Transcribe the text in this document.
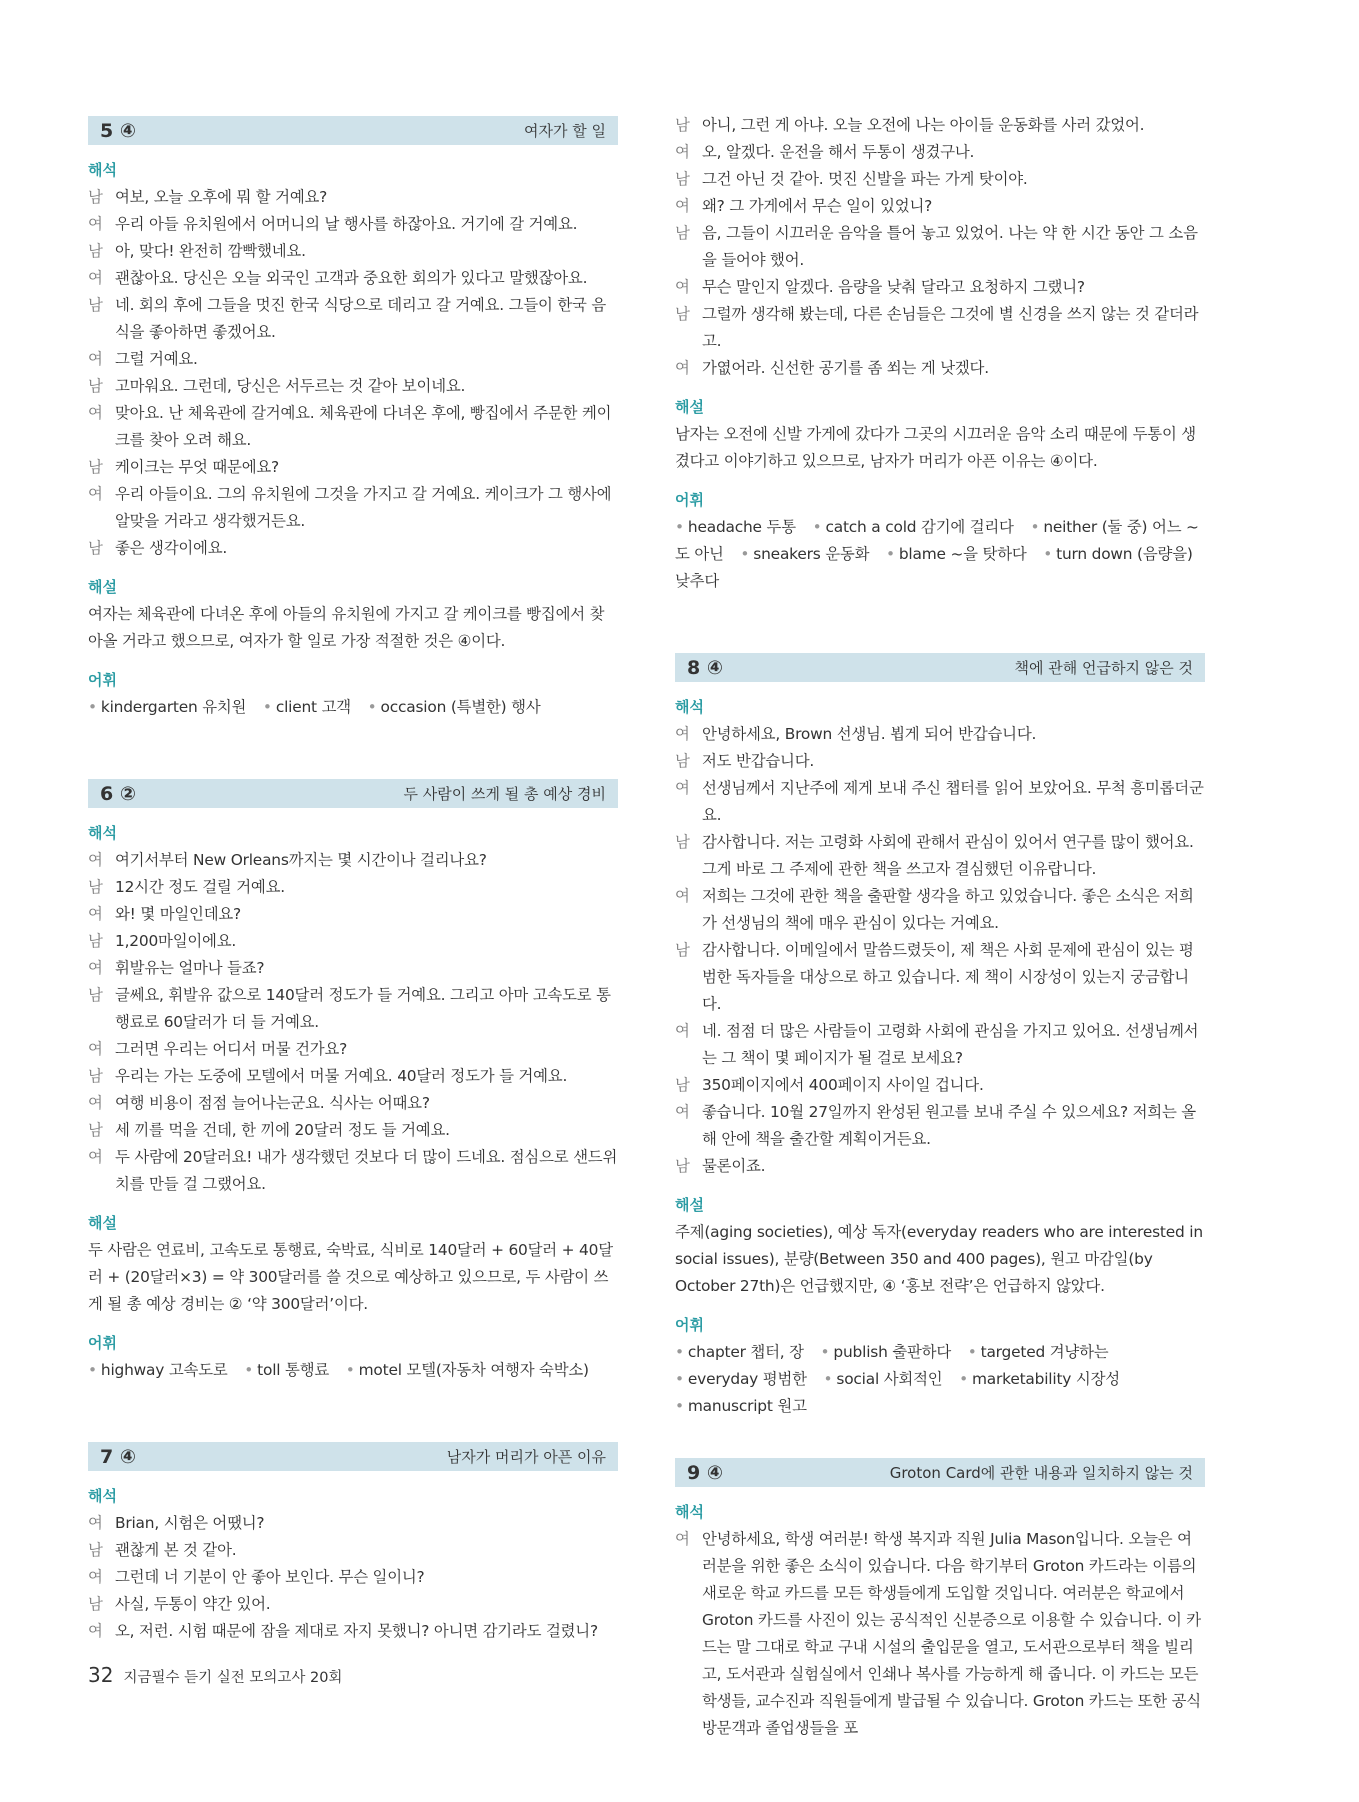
5 ④	여자가 할 일
해석
남 여보, 오늘 오후에 뭐 할 거예요?
여 우리 아들 유치원에서 어머니의 날 행사를 하잖아요. 거기에 갈 거예요.
남 아, 맞다! 완전히 깜빡했네요.
여 괜찮아요. 당신은 오늘 외국인 고객과 중요한 회의가 있다고 말했잖아요.
남 네. 회의 후에 그들을 멋진 한국 식당으로 데리고 갈 거예요. 그들이 한국 음식을 좋아하면 좋겠어요.
여 그럴 거예요.
남 고마워요. 그런데, 당신은 서두르는 것 같아 보이네요.
여 맞아요. 난 체육관에 갈거예요. 체육관에 다녀온 후에, 빵집에서 주문한 케이크를 찾아 오려 해요.
남 케이크는 무엇 때문에요?
여 우리 아들이요. 그의 유치원에 그것을 가지고 갈 거예요. 케이크가 그 행사에 알맞을 거라고 생각했거든요.
남 좋은 생각이에요.
해설
여자는 체육관에 다녀온 후에 아들의 유치원에 가지고 갈 케이크를 빵집에서 찾아올 거라고 했으므로, 여자가 할 일로 가장 적절한 것은 ④이다.
어휘
• kindergarten 유치원 • client 고객 • occasion (특별한) 행사
6 ②	두 사람이 쓰게 될 총 예상 경비
해석
여 여기서부터 New Orleans까지는 몇 시간이나 걸리나요?
남 12시간 정도 걸릴 거예요.
여 와! 몇 마일인데요?
남 1,200마일이에요.
여 휘발유는 얼마나 들죠?
남 글쎄요, 휘발유 값으로 140달러 정도가 들 거예요. 그리고 아마 고속도로 통행료로 60달러가 더 들 거예요.
여 그러면 우리는 어디서 머물 건가요?
남 우리는 가는 도중에 모텔에서 머물 거예요. 40달러 정도가 들 거예요.
여 여행 비용이 점점 늘어나는군요. 식사는 어때요?
남 세 끼를 먹을 건데, 한 끼에 20달러 정도 들 거예요.
여 두 사람에 20달러요! 내가 생각했던 것보다 더 많이 드네요. 점심으로 샌드위치를 만들 걸 그랬어요.
해설
두 사람은 연료비, 고속도로 통행료, 숙박료, 식비로 140달러 + 60달러 + 40달러 + (20달러×3) = 약 300달러를 쓸 것으로 예상하고 있으므로, 두 사람이 쓰게 될 총 예상 경비는 ② ‘약 300달러’이다.
어휘
• highway 고속도로 • toll 통행료 • motel 모텔(자동차 여행자 숙박소)
7 ④	남자가 머리가 아픈 이유
해석
여 Brian, 시험은 어땠니?
남 괜찮게 본 것 같아.
여 그런데 너 기분이 안 좋아 보인다. 무슨 일이니?
남 사실, 두통이 약간 있어.
여 오, 저런. 시험 때문에 잠을 제대로 자지 못했니? 아니면 감기라도 걸렸니?
남 아니, 그런 게 아냐. 오늘 오전에 나는 아이들 운동화를 사러 갔었어.
여 오, 알겠다. 운전을 해서 두통이 생겼구나.
남 그건 아닌 것 같아. 멋진 신발을 파는 가게 탓이야.
여 왜? 그 가게에서 무슨 일이 있었니?
남 음, 그들이 시끄러운 음악을 틀어 놓고 있었어. 나는 약 한 시간 동안 그 소음을 들어야 했어.
여 무슨 말인지 알겠다. 음량을 낮춰 달라고 요청하지 그랬니?
남 그럴까 생각해 봤는데, 다른 손님들은 그것에 별 신경을 쓰지 않는 것 같더라고.
여 가엾어라. 신선한 공기를 좀 쐬는 게 낫겠다.
해설
남자는 오전에 신발 가게에 갔다가 그곳의 시끄러운 음악 소리 때문에 두통이 생겼다고 이야기하고 있으므로, 남자가 머리가 아픈 이유는 ④이다.
어휘
• headache 두통 • catch a cold 감기에 걸리다 • neither (둘 중) 어느 ~도 아닌 • sneakers 운동화 • blame ~을 탓하다 • turn down (음량을) 낮추다
8 ④	책에 관해 언급하지 않은 것
해석
여 안녕하세요, Brown 선생님. 뵙게 되어 반갑습니다.
남 저도 반갑습니다.
여 선생님께서 지난주에 제게 보내 주신 챕터를 읽어 보았어요. 무척 흥미롭더군요.
남 감사합니다. 저는 고령화 사회에 관해서 관심이 있어서 연구를 많이 했어요. 그게 바로 그 주제에 관한 책을 쓰고자 결심했던 이유랍니다.
여 저희는 그것에 관한 책을 출판할 생각을 하고 있었습니다. 좋은 소식은 저희가 선생님의 책에 매우 관심이 있다는 거예요.
남 감사합니다. 이메일에서 말씀드렸듯이, 제 책은 사회 문제에 관심이 있는 평범한 독자들을 대상으로 하고 있습니다. 제 책이 시장성이 있는지 궁금합니다.
여 네. 점점 더 많은 사람들이 고령화 사회에 관심을 가지고 있어요. 선생님께서는 그 책이 몇 페이지가 될 걸로 보세요?
남 350페이지에서 400페이지 사이일 겁니다.
여 좋습니다. 10월 27일까지 완성된 원고를 보내 주실 수 있으세요? 저희는 올해 안에 책을 출간할 계획이거든요.
남 물론이죠.
해설
주제(aging societies), 예상 독자(everyday readers who are interested in social issues), 분량(Between 350 and 400 pages), 원고 마감일(by October 27th)은 언급했지만, ④ ‘홍보 전략’은 언급하지 않았다.
어휘
• chapter 챕터, 장 • publish 출판하다 • targeted 겨냥하는 • everyday 평범한 • social 사회적인 • marketability 시장성 • manuscript 원고
9 ④	Groton Card에 관한 내용과 일치하지 않는 것
해석
여 안녕하세요, 학생 여러분! 학생 복지과 직원 Julia Mason입니다. 오늘은 여러분을 위한 좋은 소식이 있습니다. 다음 학기부터 Groton 카드라는 이름의 새로운 학교 카드를 모든 학생들에게 도입할 것입니다. 여러분은 학교에서 Groton 카드를 사진이 있는 공식적인 신분증으로 이용할 수 있습니다. 이 카드는 말 그대로 학교 구내 시설의 출입문을 열고, 도서관으로부터 책을 빌리고, 도서관과 실험실에서 인쇄나 복사를 가능하게 해 줍니다. 이 카드는 모든 학생들, 교수진과 직원들에게 발급될 수 있습니다. Groton 카드는 또한 공식 방문객과 졸업생들을 포
32 지금필수 듣기 실전 모의고사 20회
